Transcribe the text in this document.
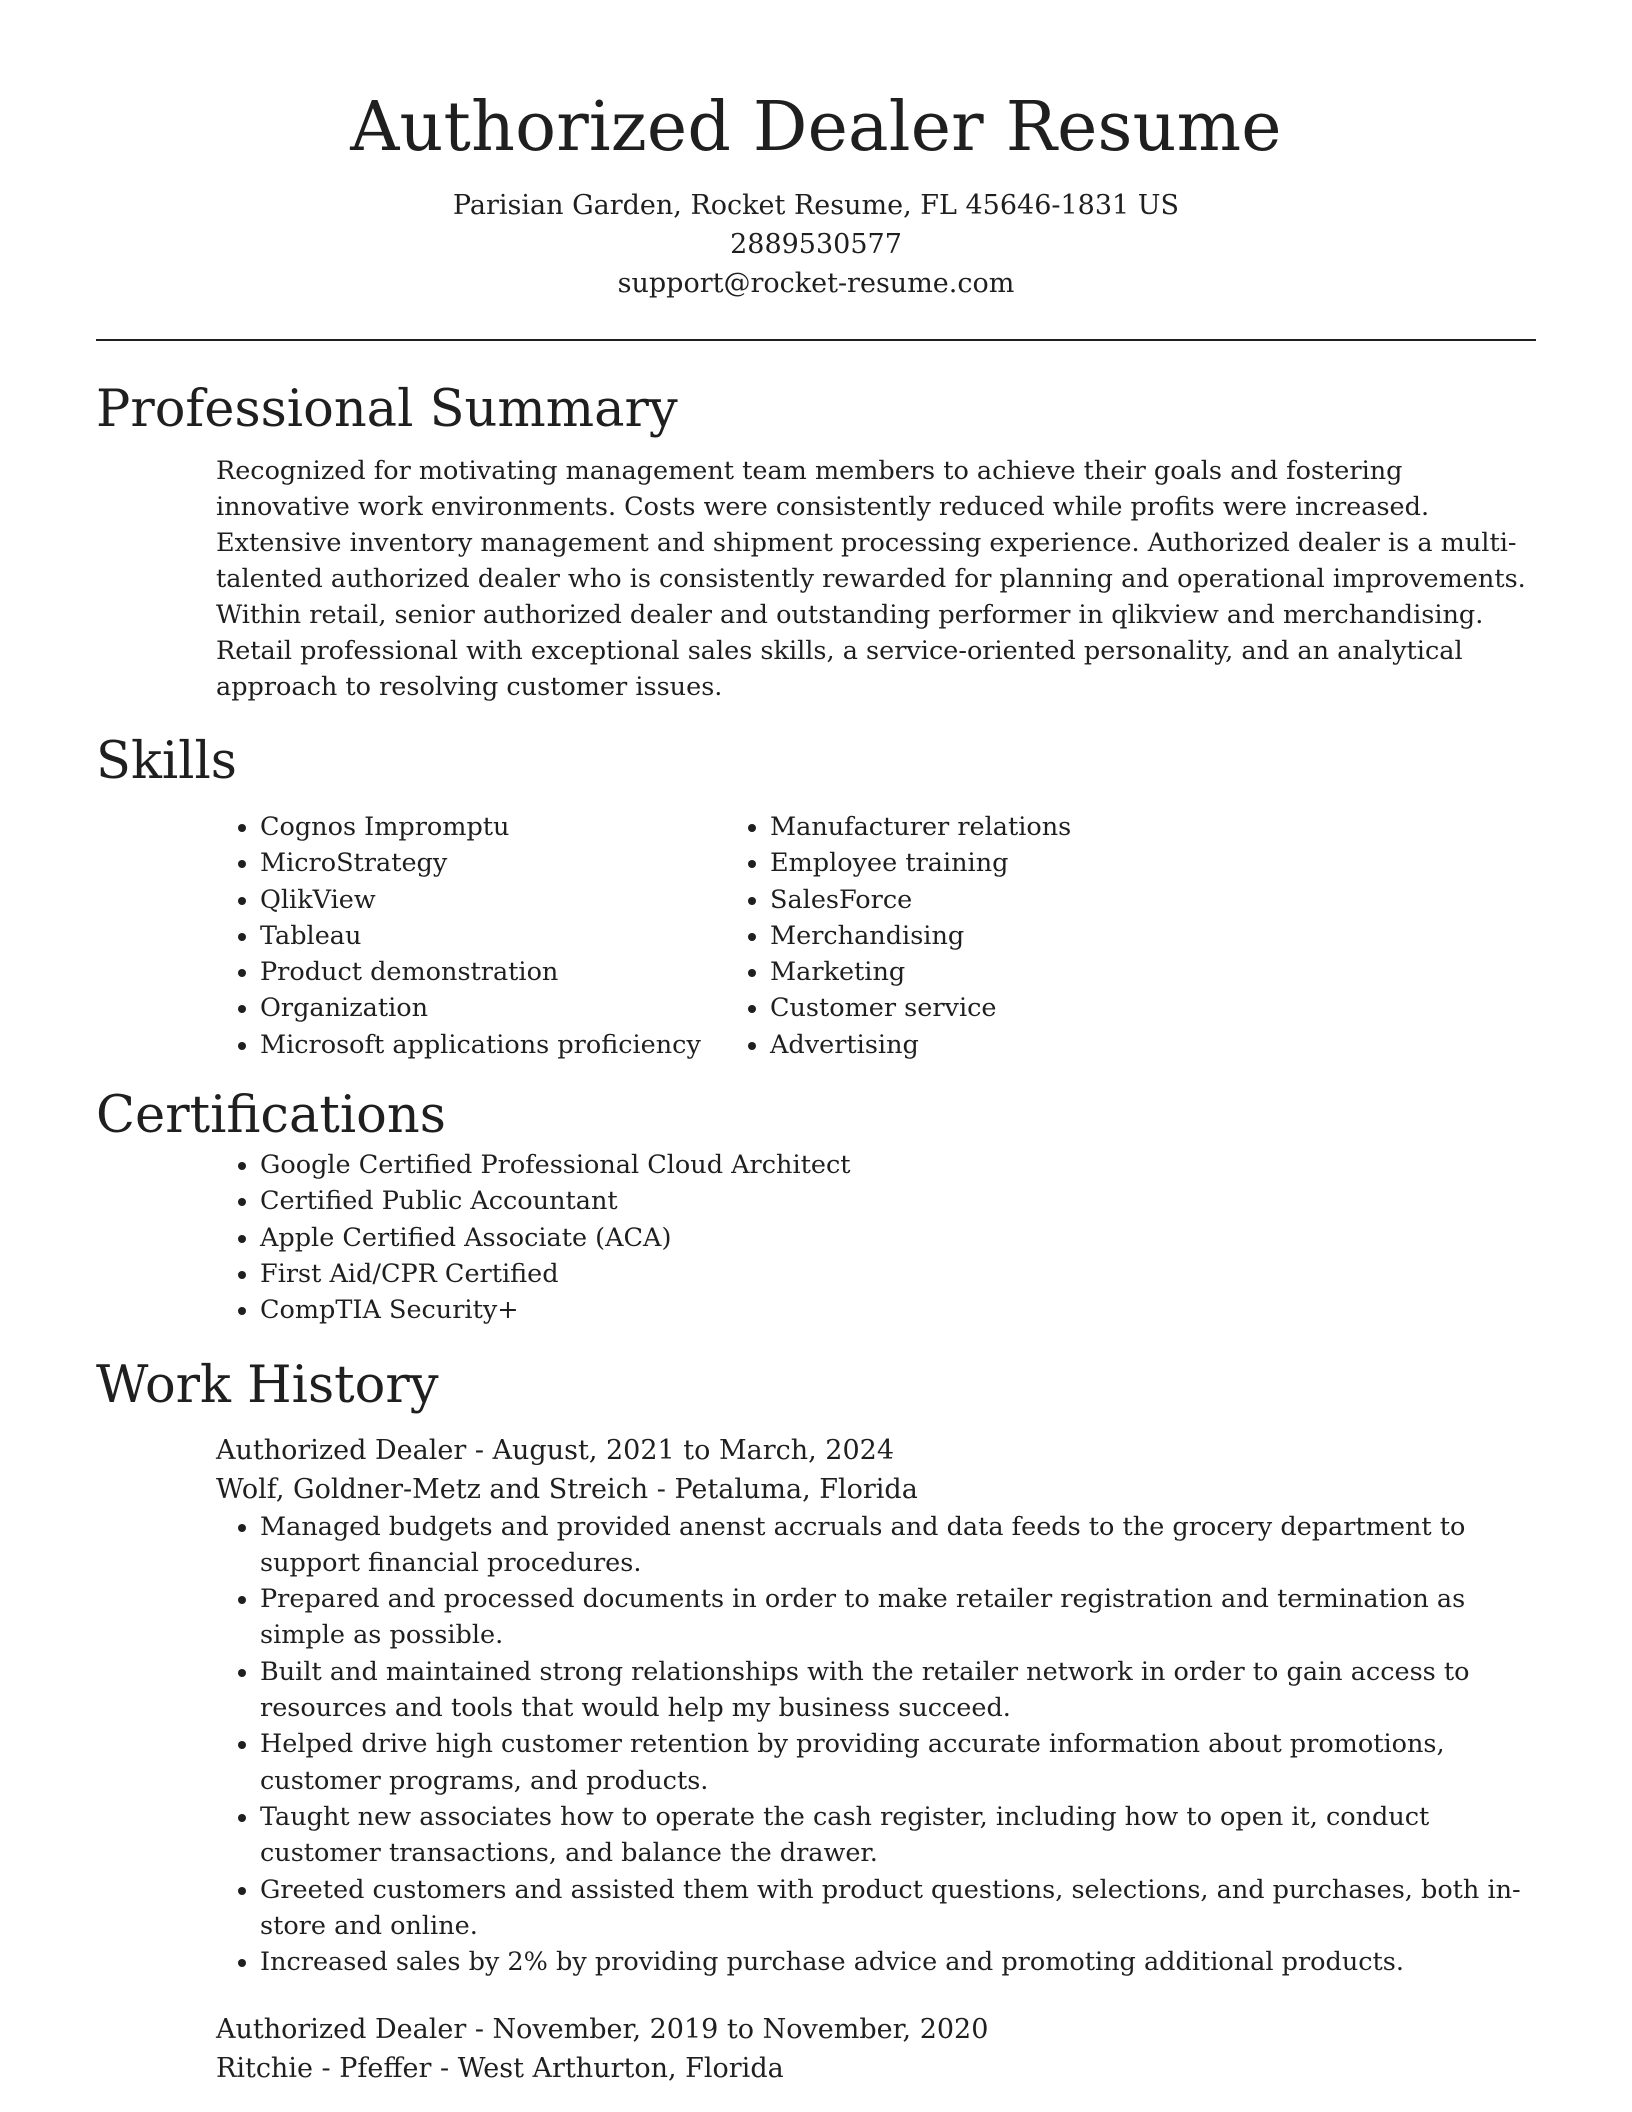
Authorized Dealer Resume
Parisian Garden, Rocket Resume, FL 45646-1831 US
2889530577
support@rocket-resume.com
Professional Summary

Recognized for motivating management team members to achieve their goals and fostering innovative work environments. Costs were consistently reduced while profits were increased. Extensive inventory management and shipment processing experience. Authorized dealer is a multi-talented authorized dealer who is consistently rewarded for planning and operational improvements. Within retail, senior authorized dealer and outstanding performer in qlikview and merchandising. Retail professional with exceptional sales skills, a service-oriented personality, and an analytical approach to resolving customer issues.

Skills
• Cognos Impromptu
• MicroStrategy
• QlikView
• Tableau
• Product demonstration
• Organization
• Microsoft applications proficiency
• Manufacturer relations
• Employee training
• SalesForce
• Merchandising
• Marketing
• Customer service
• Advertising
Certifications
• Google Certified Professional Cloud Architect
• Certified Public Accountant
• Apple Certified Associate (ACA)
• First Aid/CPR Certified
• CompTIA Security+
Work History
Authorized Dealer - August, 2021 to March, 2024
Wolf, Goldner-Metz and Streich - Petaluma, Florida
• Managed budgets and provided anenst accruals and data feeds to the grocery department to support financial procedures.
• Prepared and processed documents in order to make retailer registration and termination as simple as possible.
• Built and maintained strong relationships with the retailer network in order to gain access to resources and tools that would help my business succeed.
• Helped drive high customer retention by providing accurate information about promotions, customer programs, and products.
• Taught new associates how to operate the cash register, including how to open it, conduct customer transactions, and balance the drawer.
• Greeted customers and assisted them with product questions, selections, and purchases, both in-store and online.
• Increased sales by 2% by providing purchase advice and promoting additional products.
Authorized Dealer - November, 2019 to November, 2020
Ritchie - Pfeffer - West Arthurton, Florida
